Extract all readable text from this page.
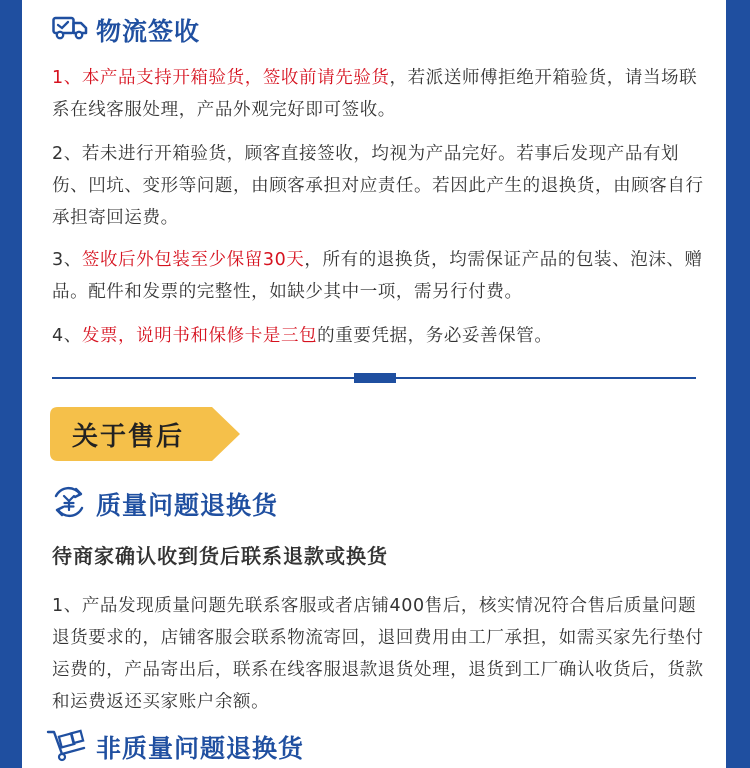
物流签收
1、本产品支持开箱验货，签收前请先验货，若派送师傅拒绝开箱验货，请当场联系在线客服处理，产品外观完好即可签收。
2、若未进行开箱验货，顾客直接签收，均视为产品完好。若事后发现产品有划伤、凹坑、变形等问题，由顾客承担对应责任。若因此产生的退换货，由顾客自行承担寄回运费。
3、签收后外包装至少保留30天，所有的退换货，均需保证产品的包装、泡沫、赠品。配件和发票的完整性，如缺少其中一项，需另行付费。
4、发票，说明书和保修卡是三包的重要凭据，务必妥善保管。
关于售后
质量问题退换货
待商家确认收到货后联系退款或换货
1、产品发现质量问题先联系客服或者店铺400售后，核实情况符合售后质量问题退货要求的，店铺客服会联系物流寄回，退回费用由工厂承担，如需买家先行垫付运费的，产品寄出后，联系在线客服退款退货处理，退货到工厂确认收货后，货款和运费返还买家账户余额。
非质量问题退换货
